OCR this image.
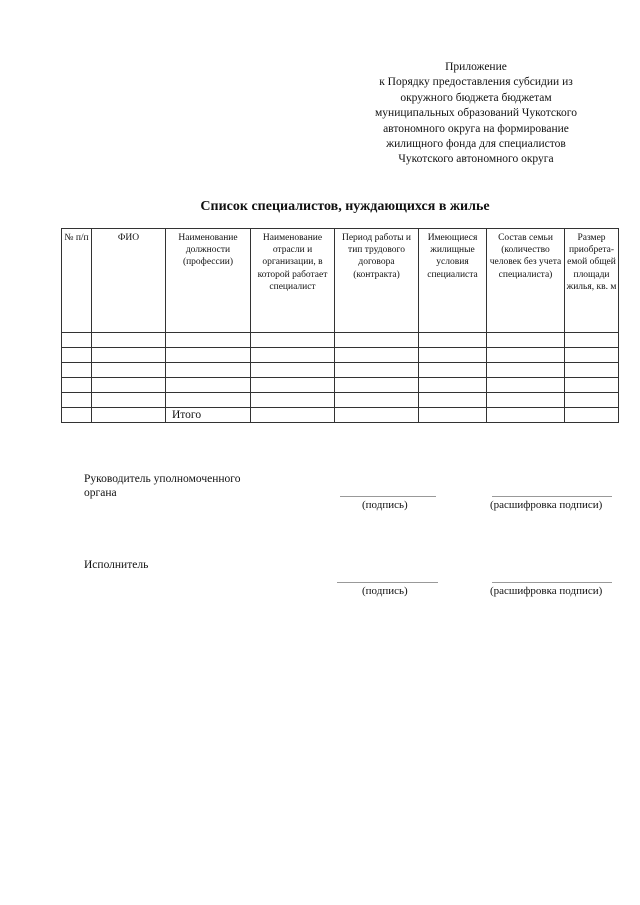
Приложение
к Порядку предоставления субсидии из
окружного бюджета бюджетам
муниципальных образований Чукотского
автономного округа на формирование
жилищного фонда для специалистов
Чукотского автономного округа
Список специалистов, нуждающихся в жилье
№ п/п	ФИО	Наименование должности (профессии)	Наименование отрасли и организации, в которой работает специалист	Период работы и тип трудового договора (контракта)	Имеющиеся жилищные условия специалиста	Состав семьи (количество человек без учета специалиста)	Размер приобрета-емой общей площади жилья, кв. м

		Итого					
Руководитель уполномоченного
органа
(подпись)	(расшифровка подписи)
Исполнитель
(подпись)	(расшифровка подписи)
